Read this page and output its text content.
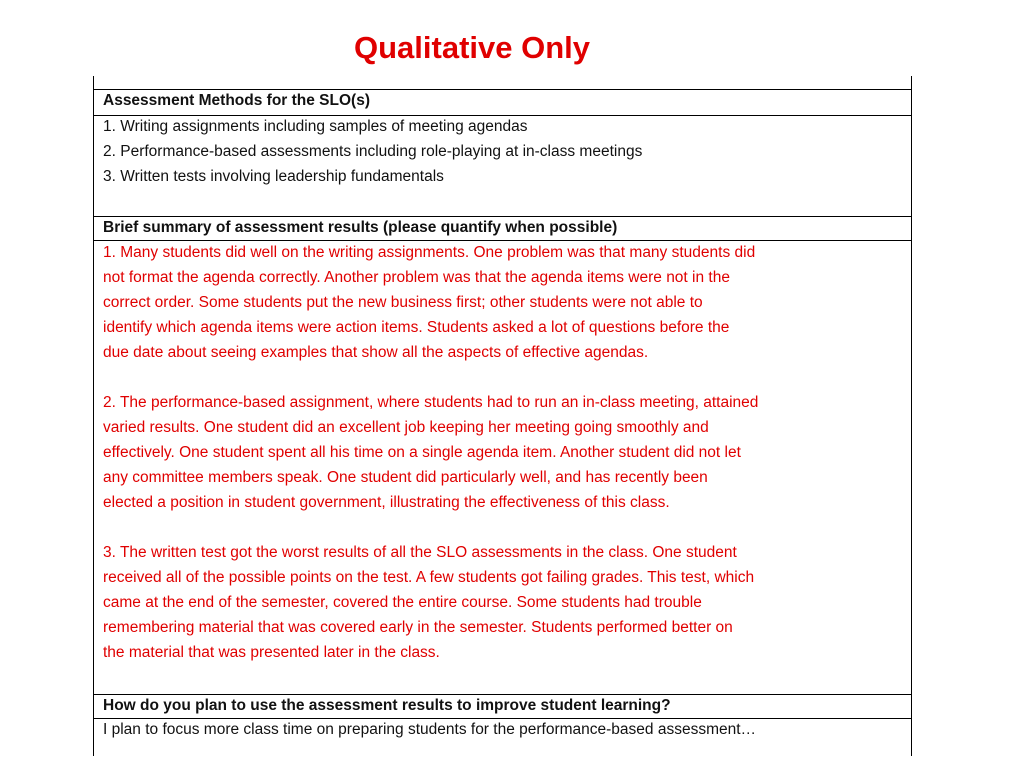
Qualitative Only
Assessment Methods for the SLO(s)
1. Writing assignments including samples of meeting agendas
2. Performance-based assessments including role-playing at in-class meetings
3. Written tests involving leadership fundamentals
Brief summary of assessment results (please quantify when possible)
1. Many students did well on the writing assignments. One problem was that many students did
not format the agenda correctly. Another problem was that the agenda items were not in the
correct order. Some students put the new business first; other students were not able to
identify which agenda items were action items. Students asked a lot of questions before the
due date about seeing examples that show all the aspects of effective agendas.
2. The performance-based assignment, where students had to run an in-class meeting, attained
varied results. One student did an excellent job keeping her meeting going smoothly and
effectively. One student spent all his time on a single agenda item. Another student did not let
any committee members speak. One student did particularly well, and has recently been
elected a position in student government, illustrating the effectiveness of this class.
3. The written test got the worst results of all the SLO assessments in the class. One student
received all of the possible points on the test. A few students got failing grades. This test, which
came at the end of the semester, covered the entire course. Some students had trouble
remembering material that was covered early in the semester. Students performed better on
the material that was presented later in the class.
How do you plan to use the assessment results to improve student learning?
I plan to focus more class time on preparing students for the performance-based assessment…
